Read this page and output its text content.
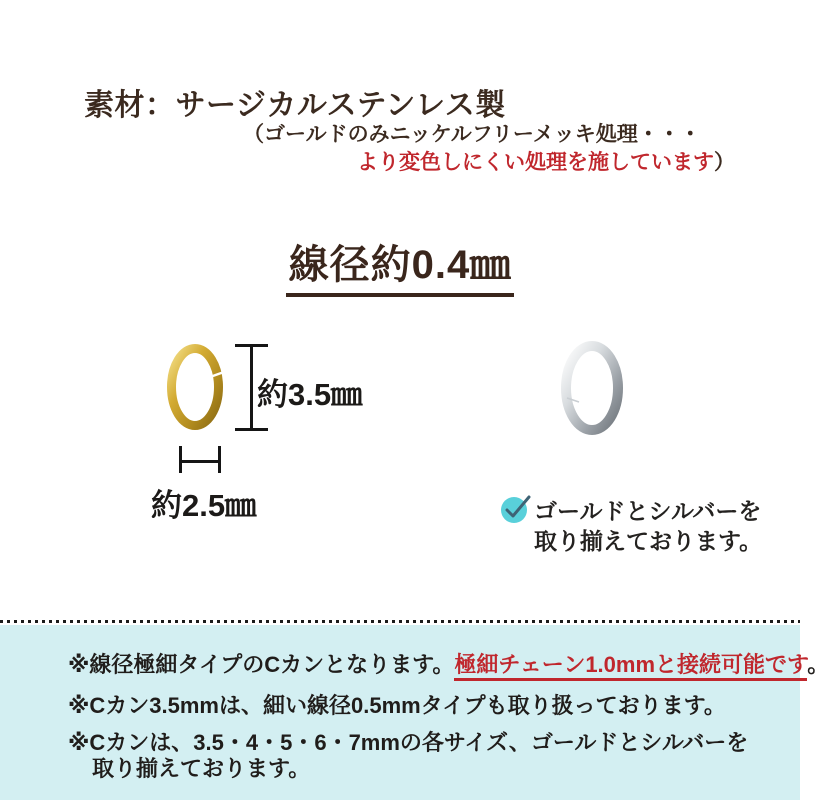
素材：サージカルステンレス製
（ゴールドのみニッケルフリーメッキ処理・・・
より変色しにくい処理を施しています）
線径約0.4㎜
約3.5㎜
約2.5㎜	ゴールドとシルバーを
取り揃えております。
※線径極細タイプのCカンとなります。極細チェーン1.0mmと接続可能です。
※Cカン3.5mmは、細い線径0.5mmタイプも取り扱っております。
※Cカンは、3.5・4・5・6・7mmの各サイズ、ゴールドとシルバーを
取り揃えております。
